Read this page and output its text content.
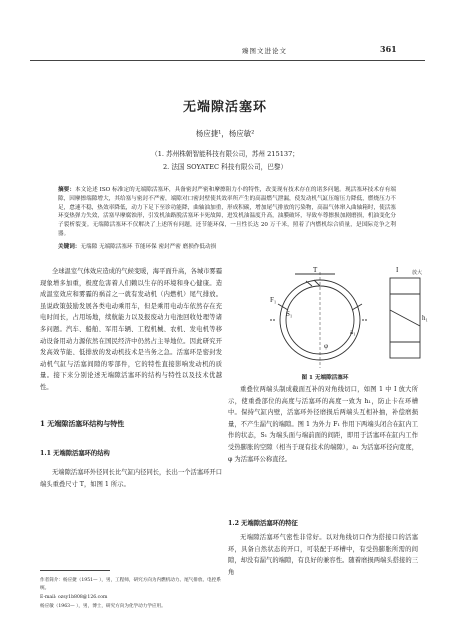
臻图文进论文	361
无端隙活塞环
杨应捷¹，杨应敏²
（1. 苏州株朝智能科技有限公司，苏州 215137；
2. 法国 SOYATEC 科技有限公司，巴黎）
摘要：本文论述 ISO 标准定的无端隙活塞环，具备密封严密和摩擦阻力小的特性，改变现有技术存在的诸多问题。现活塞环技术存有端隙，因摩擦端隙增大，其给塞与密封不严密，端隙对口密封壁使其效率所产生的高温燃气泄漏，使发动机气缸压缩压力降低，燃烧压力不足，怠速不稳，热效率降低，动力下足下至诊功能降，曲轴油加重，形成积碳，增加尾气排放的污染物，高温气体窜入曲轴箱时，使活塞环变热弹力失效，活塞早摩腐蚀形，引发机油路脱活塞环卡死故障，进发机油温度升高，油膜破坏，导致车尊擦损加剧磨损，机油变化分子裂析裂变。无端隙活塞环不仅解决了上述所有问题，还节能环保，一旦性长达 20 万千米，照着了内燃机综合质量，是国际竞争之利器。
关键词：无端隙 无端隙活塞环 节能环保 密封严密 磨损作低动损
全球温室气体效应造成的气候变暖，海平面升高，各城市雾霾现象增多加重，极度危害着人们赖以生存的环境和身心健康。造成温室效应和雾霾的祸首之一就有发动机（内燃机）尾气排放。虽说政策鼓励发展各类电动乘用车，但是乘用电动车依然存在充电时间长，占用场地，续航能力以及报废动力电池回收处理等诸多问题。汽车、船舶、军用车辆、工程机械、农机、发电机等移动设备用动力源依然在国民经济中仍然占主导地位。因此研究开发高效节能、低排放的发动机技术是当务之急。活塞环是密封发动机气缸与活塞间隙的零部件，它的特性直接影响发动机的质量。接下来分别论述无端隙活塞环的结构与特性以及技术优越性。
1 无端隙活塞环结构与特性
1.1 无端隙活塞环的结构
无端隙活塞环外径同长比气缸内径同长，长出一个活塞环开口端头重叠尺寸 T，如图 1 所示。
作者简介：杨应捷（1951— ），男，工程师，研究方向为内燃机动力、尾气排放、电控系统。
E-mail: ozsy1b808@126.com
杨应敏（1963— ），男，博士，研究方向为化学动力学应用。
T	I	放大
F₁
h₁
S₁
a₁
φ
图 1 无端隙活塞环
重叠位两端头制成截面互补的对角线切口，如图 1 中 I 放大所示，使重叠部位的高度与活塞环的高度一致为 h₁，防止卡在环槽中。保持气缸内壁，活塞环外径磨损后两端头互相补抽，补偿磨损量，不产生漏气的端隙。图 1 为外力 F₁ 作用下两端头闭合在缸内工作的状态，S₁ 为端头面与端前面的间距，即用于活塞环在缸内工作受热膨胀的空隙（相当于现有技术的端隙），a₁ 为活塞环径向宽度，φ 为活塞环公称直径。
1.2 无端隙活塞环的特征
无端隙活塞环气密性非常好。以对角线切口作为搭接口的活塞环，具备自然状态的开口，可装配于环槽中，有受热膨胀所需的间隙，却没有漏气的端隙，有良好的兼容性。随着磨损两端头搭接的三角
